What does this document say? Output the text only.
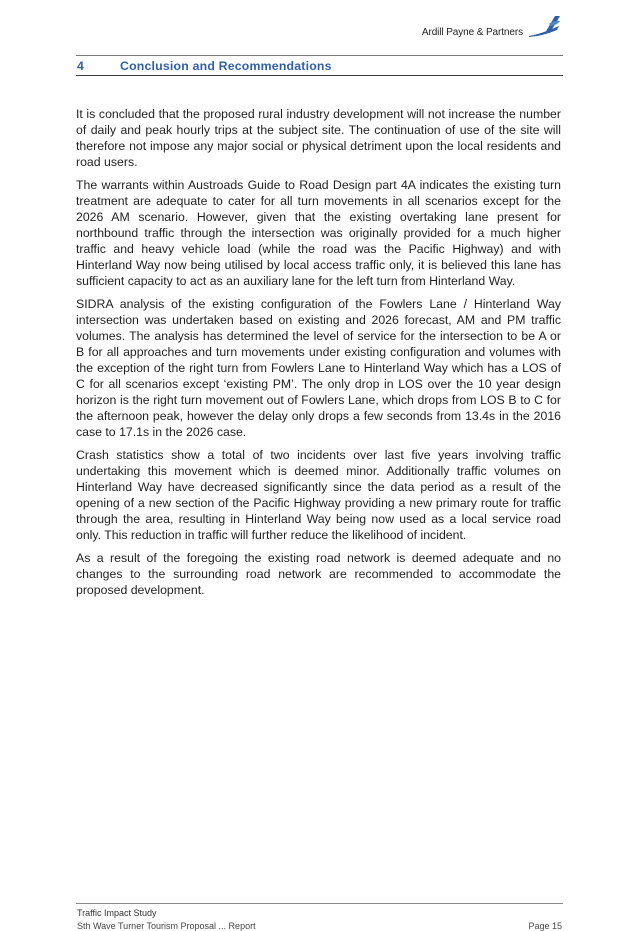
Ardill Payne & Partners
4	Conclusion and Recommendations

It is concluded that the proposed rural industry development will not increase the number of daily and peak hourly trips at the subject site. The continuation of use of the site will therefore not impose any major social or physical detriment upon the local residents and road users.

The warrants within Austroads Guide to Road Design part 4A indicates the existing turn treatment are adequate to cater for all turn movements in all scenarios except for the 2026 AM scenario. However, given that the existing overtaking lane present for northbound traffic through the intersection was originally provided for a much higher traffic and heavy vehicle load (while the road was the Pacific Highway) and with Hinterland Way now being utilised by local access traffic only, it is believed this lane has sufficient capacity to act as an auxiliary lane for the left turn from Hinterland Way.

SIDRA analysis of the existing configuration of the Fowlers Lane / Hinterland Way intersection was undertaken based on existing and 2026 forecast, AM and PM traffic volumes. The analysis has determined the level of service for the intersection to be A or B for all approaches and turn movements under existing configuration and volumes with the exception of the right turn from Fowlers Lane to Hinterland Way which has a LOS of C for all scenarios except ‘existing PM’. The only drop in LOS over the 10 year design horizon is the right turn movement out of Fowlers Lane, which drops from LOS B to C for the afternoon peak, however the delay only drops a few seconds from 13.4s in the 2016 case to 17.1s in the 2026 case.

Crash statistics show a total of two incidents over last five years involving traffic undertaking this movement which is deemed minor. Additionally traffic volumes on Hinterland Way have decreased significantly since the data period as a result of the opening of a new section of the Pacific Highway providing a new primary route for traffic through the area, resulting in Hinterland Way being now used as a local service road only. This reduction in traffic will further reduce the likelihood of incident.

As a result of the foregoing the existing road network is deemed adequate and no changes to the surrounding road network are recommended to accommodate the proposed development.

Traffic Impact Study
Sth Wave Turner Tourism Proposal ... Report	Page 15
